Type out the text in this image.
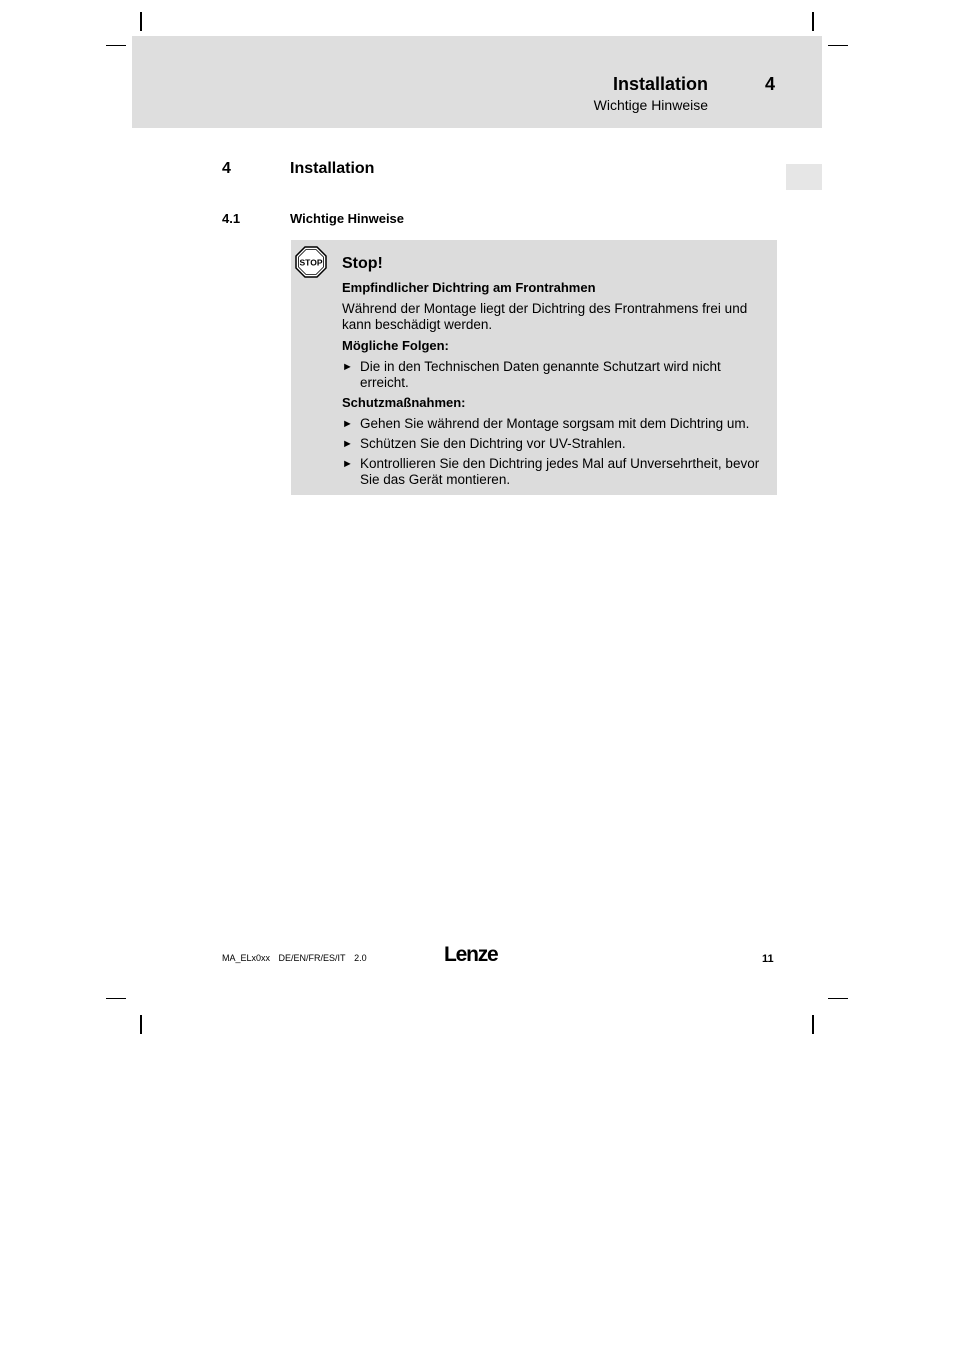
Installation
Wichtige Hinweise
4
4	Installation
4.1	Wichtige Hinweise
STOP Stop!
Empfindlicher Dichtring am Frontrahmen
Während der Montage liegt der Dichtring des Frontrahmens frei und kann beschädigt werden.
Mögliche Folgen:
► Die in den Technischen Daten genannte Schutzart wird nicht erreicht.
Schutzmaßnahmen:
► Gehen Sie während der Montage sorgsam mit dem Dichtring um.
► Schützen Sie den Dichtring vor UV-Strahlen.
► Kontrollieren Sie den Dichtring jedes Mal auf Unversehrtheit, bevor Sie das Gerät montieren.
MA_ELx0xx DE/EN/FR/ES/IT 2.0	Lenze	11
